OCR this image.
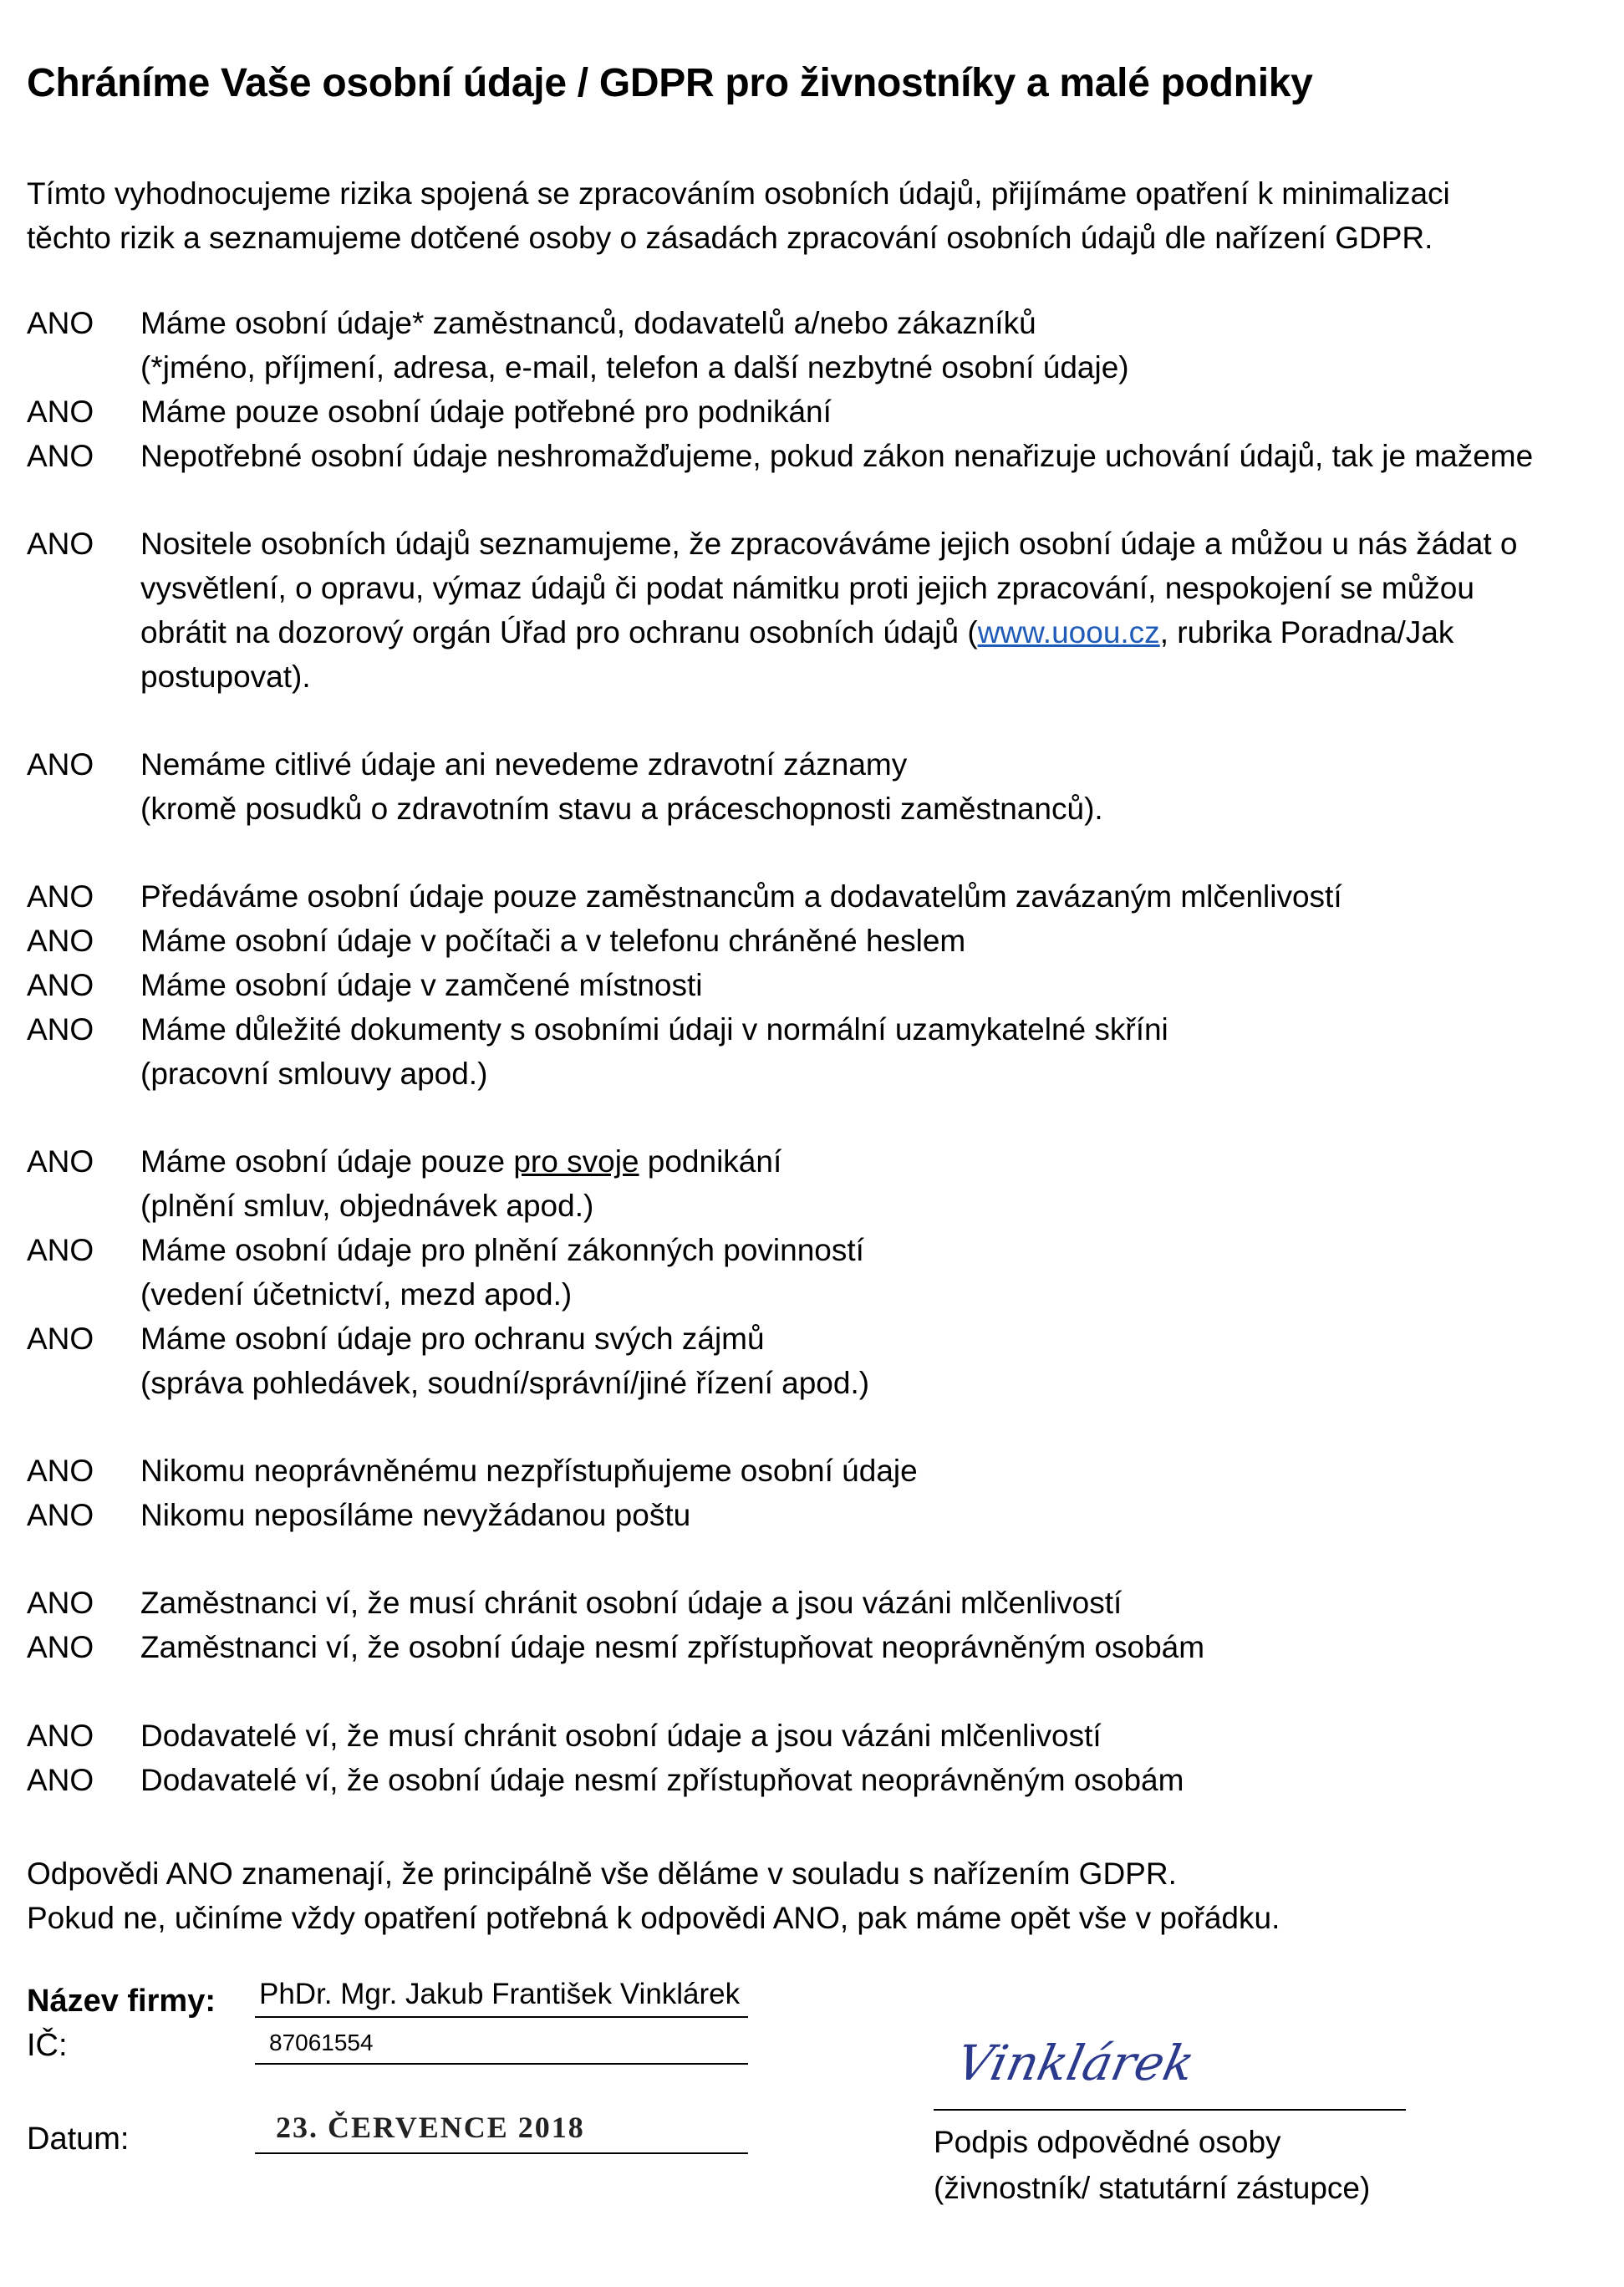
Chráníme Vaše osobní údaje / GDPR pro živnostníky a malé podniky
Tímto vyhodnocujeme rizika spojená se zpracováním osobních údajů, přijímáme opatření k minimalizaci
těchto rizik a seznamujeme dotčené osoby o zásadách zpracování osobních údajů dle nařízení GDPR.
ANO Máme osobní údaje* zaměstnanců, dodavatelů a/nebo zákazníků
(*jméno, příjmení, adresa, e-mail, telefon a další nezbytné osobní údaje)
ANO Máme pouze osobní údaje potřebné pro podnikání
ANO Nepotřebné osobní údaje neshromažďujeme, pokud zákon nenařizuje uchování údajů, tak je mažeme
ANO Nositele osobních údajů seznamujeme, že zpracováváme jejich osobní údaje a můžou u nás žádat o
vysvětlení, o opravu, výmaz údajů či podat námitku proti jejich zpracování, nespokojení se můžou
obrátit na dozorový orgán Úřad pro ochranu osobních údajů (www.uoou.cz, rubrika Poradna/Jak
postupovat).
ANO Nemáme citlivé údaje ani nevedeme zdravotní záznamy
(kromě posudků o zdravotním stavu a práceschopnosti zaměstnanců).
ANO Předáváme osobní údaje pouze zaměstnancům a dodavatelům zavázaným mlčenlivostí
ANO Máme osobní údaje v počítači a v telefonu chráněné heslem
ANO Máme osobní údaje v zamčené místnosti
ANO Máme důležité dokumenty s osobními údaji v normální uzamykatelné skříni
(pracovní smlouvy apod.)
ANO Máme osobní údaje pouze pro svoje podnikání
(plnění smluv, objednávek apod.)
ANO Máme osobní údaje pro plnění zákonných povinností
(vedení účetnictví, mezd apod.)
ANO Máme osobní údaje pro ochranu svých zájmů
(správa pohledávek, soudní/správní/jiné řízení apod.)
ANO Nikomu neoprávněnému nezpřístupňujeme osobní údaje
ANO Nikomu neposíláme nevyžádanou poštu
ANO Zaměstnanci ví, že musí chránit osobní údaje a jsou vázáni mlčenlivostí
ANO Zaměstnanci ví, že osobní údaje nesmí zpřístupňovat neoprávněným osobám
ANO Dodavatelé ví, že musí chránit osobní údaje a jsou vázáni mlčenlivostí
ANO Dodavatelé ví, že osobní údaje nesmí zpřístupňovat neoprávněným osobám
Odpovědi ANO znamenají, že principálně vše děláme v souladu s nařízením GDPR.
Pokud ne, učiníme vždy opatření potřebná k odpovědi ANO, pak máme opět vše v pořádku.
Název firmy: PhDr. Mgr. Jakub František Vinklárek
IČ:	87061554
Datum:	23. ČERVENCE 2018
Vinklárek
Podpis odpovědné osoby
(živnostník/ statutární zástupce)
